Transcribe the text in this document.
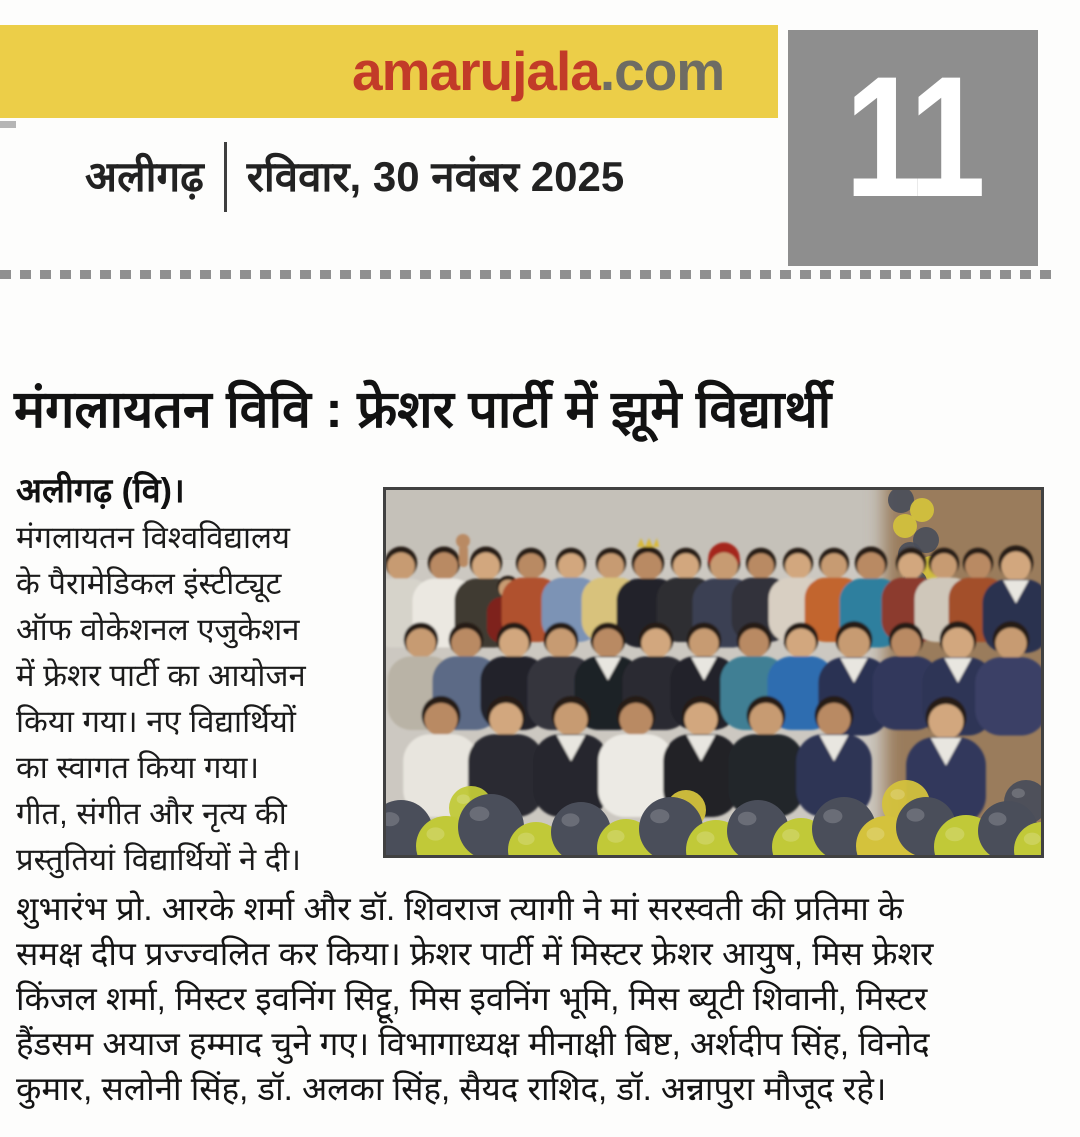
amarujala .com 11
अलीगढ़ रविवार, 30 नवंबर 2025
मंगलायतन विवि : फ्रेशर पार्टी में झूमे विद्यार्थी
अलीगढ़ (वि)।
मंगलायतन विश्वविद्यालय
के पैरामेडिकल इंस्टीट्यूट
ऑफ वोकेशनल एजुकेशन
में फ्रेशर पार्टी का आयोजन
किया गया। नए विद्यार्थियों
का स्वागत किया गया।
गीत, संगीत और नृत्य की
प्रस्तुतियां विद्यार्थियों ने दी।
शुभारंभ प्रो. आरके शर्मा और डॉ. शिवराज त्यागी ने मां सरस्वती की प्रतिमा के
समक्ष दीप प्रज्ज्वलित कर किया। फ्रेशर पार्टी में मिस्टर फ्रेशर आयुष, मिस फ्रेशर
किंजल शर्मा, मिस्टर इवनिंग सिट्टू, मिस इवनिंग भूमि, मिस ब्यूटी शिवानी, मिस्टर
हैंडसम अयाज हम्माद चुने गए। विभागाध्यक्ष मीनाक्षी बिष्ट, अर्शदीप सिंह, विनोद
कुमार, सलोनी सिंह, डॉ. अलका सिंह, सैयद राशिद, डॉ. अन्नापुरा मौजूद रहे।
